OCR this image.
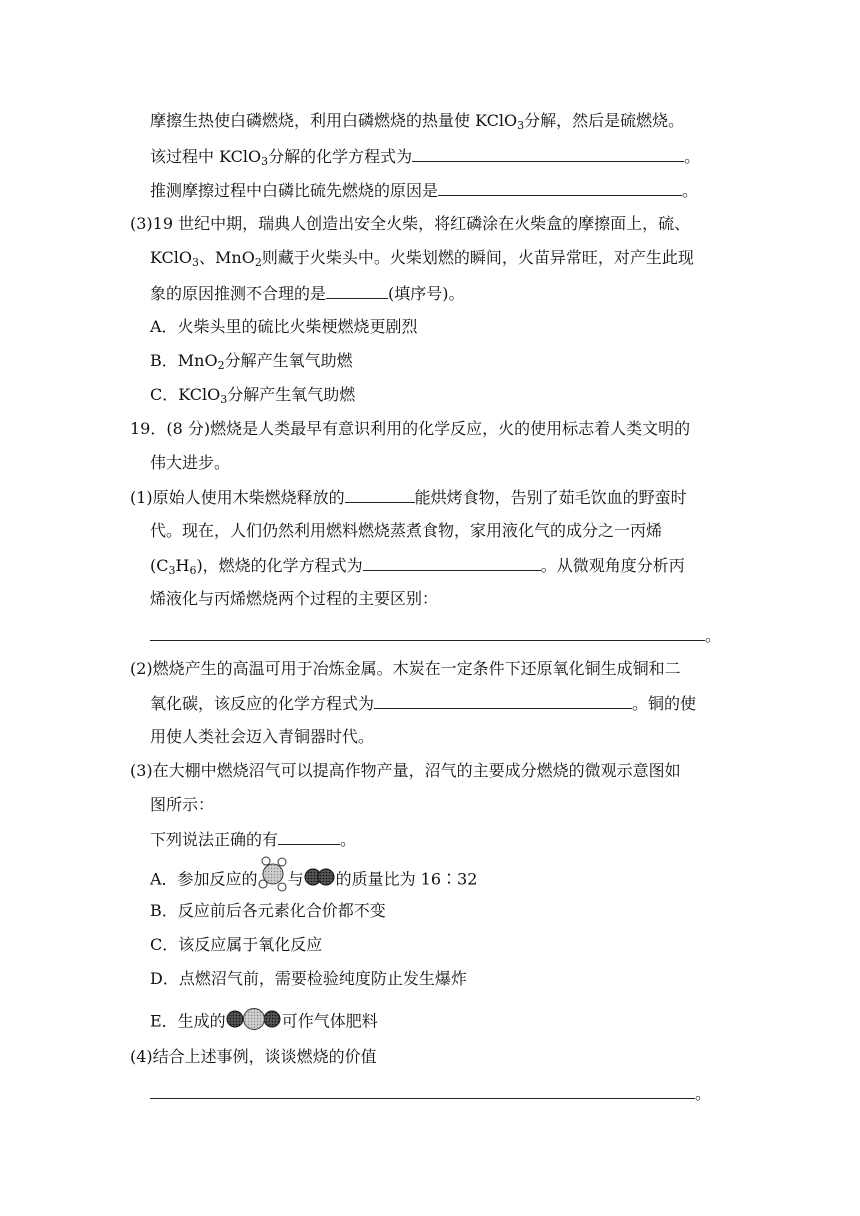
摩擦生热使白磷燃烧，利用白磷燃烧的热量使 KClO$_3$分解，然后是硫燃烧。
该过程中 KClO$_3$分解的化学方程式为	。
推测摩擦过程中白磷比硫先燃烧的原因是	。
(3)19 世纪中期，瑞典人创造出安全火柴，将红磷涂在火柴盒的摩擦面上，硫、
KClO$_3$、MnO$_2$则藏于火柴头中。火柴划燃的瞬间，火苗异常旺，对产生此现
象的原因推测不合理的是	(填序号)。
A．火柴头里的硫比火柴梗燃烧更剧烈
B．MnO$_2$分解产生氧气助燃
C．KClO$_3$分解产生氧气助燃
19．(8 分)燃烧是人类最早有意识利用的化学反应，火的使用标志着人类文明的
伟大进步。
(1)原始人使用木柴燃烧释放的	能烘烤食物，告别了茹毛饮血的野蛮时
代。现在，人们仍然利用燃料燃烧蒸煮食物，家用液化气的成分之一丙烯
$(C_3H_6)$，燃烧的化学方程式为	。从微观角度分析丙
烯液化与丙烯燃烧两个过程的主要区别：
。
(2)燃烧产生的高温可用于冶炼金属。木炭在一定条件下还原氧化铜生成铜和二
氧化碳，该反应的化学方程式为	。铜的使
用使人类社会迈入青铜器时代。
(3)在大棚中燃烧沼气可以提高作物产量，沼气的主要成分燃烧的微观示意图如
图所示：
下列说法正确的有	。
A．参加反应的 与 的质量比为 16∶32
B．反应前后各元素化合价都不变
C．该反应属于氧化反应
D．点燃沼气前，需要检验纯度防止发生爆炸
E．生成的	可作气体肥料
(4)结合上述事例，谈谈燃烧的价值
。
